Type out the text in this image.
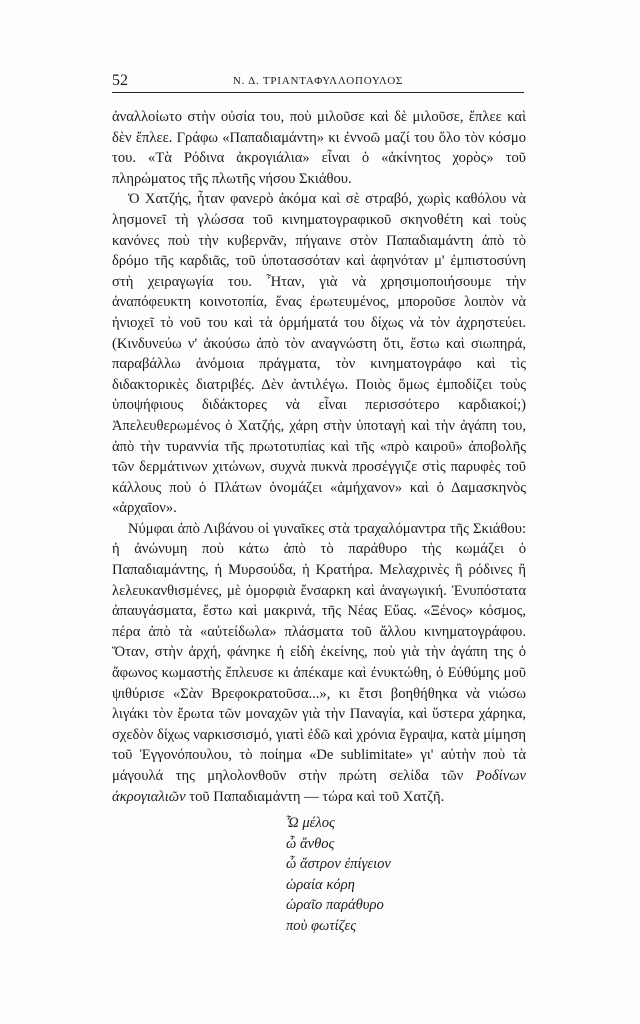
52	Ν. Δ. ΤΡΙΑΝΤΑΦΥΛΛΟΠΟΥΛΟΣ

ἀναλλοίωτο στὴν οὐσία του, ποὺ μιλοῦσε καὶ δὲ μιλοῦσε, ἔπλεε καὶ δὲν ἔπλεε. Γράφω «Παπαδιαμάντη» κι ἐννοῶ μαζί του ὅλο τὸν κόσμο του. «Τὰ Ρόδινα ἀκρογιάλια» εἶναι ὁ «ἀκίνητος χορὸς» τοῦ πληρώματος τῆς πλωτῆς νήσου Σκιάθου.

Ὁ Χατζής, ἦταν φανερὸ ἀκόμα καὶ σὲ στραβό, χωρὶς καθόλου νὰ λησμονεῖ τὴ γλώσσα τοῦ κινηματογραφικοῦ σκηνοθέτη καὶ τοὺς κανόνες ποὺ τὴν κυβερνᾶν, πήγαινε στὸν Παπαδιαμάντη ἀπὸ τὸ δρόμο τῆς καρδιᾶς, τοῦ ὑποτασσόταν καὶ ἀφηνόταν μ' ἐμπιστοσύνη στὴ χειραγωγία του. Ἦταν, γιὰ νὰ χρησιμοποιήσουμε τὴν ἀναπόφευκτη κοινοτοπία, ἕνας ἐρωτευμένος, μποροῦσε λοιπὸν νὰ ἠνιοχεῖ τὸ νοῦ του καὶ τὰ ὁρμήματά του δίχως νὰ τὸν ἀχρηστεύει. (Κινδυνεύω ν' ἀκούσω ἀπὸ τὸν αναγνώστη ὅτι, ἔστω καὶ σιωπηρά, παραβάλλω ἀνόμοια πράγματα, τὸν κινηματογράφο καὶ τὶς διδακτορικὲς διατριβές. Δὲν ἀντιλέγω. Ποιὸς ὅμως ἐμποδίζει τοὺς ὑποψήφιους διδάκτορες νὰ εἶναι περισσότερο καρδιακοί;) Ἀπελευθερωμένος ὁ Χατζής, χάρη στὴν ὑποταγὴ καὶ τὴν ἀγάπη του, ἀπὸ τὴν τυραννία τῆς πρωτοτυπίας καὶ τῆς «πρὸ καιροῦ» ἀποβολῆς τῶν δερμάτινων χιτώνων, συχνὰ πυκνὰ προσέγγιζε στὶς παρυφὲς τοῦ κάλλους ποὺ ὁ Πλάτων ὀνομάζει «ἀμήχανον» καὶ ὁ Δαμασκηνὸς «ἀρχαῖον».

Νύμφαι ἀπὸ Λιβάνου οἱ γυναῖκες στὰ τραχαλόμαντρα τῆς Σκιάθου: ἡ ἀνώνυμη ποὺ κάτω ἀπὸ τὸ παράθυρο τὴς κωμάζει ὁ Παπαδιαμάντης, ἡ Μυρσούδα, ἡ Κρατήρα. Μελαχρινὲς ἢ ρόδινες ἢ λελευκανθισμένες, μὲ ὁμορφιὰ ἔνσαρκη καὶ ἀναγωγική. Ἐνυπόστατα ἀπαυγάσματα, ἔστω καὶ μακρινά, τῆς Νέας Εὔας. «Ξένος» κόσμος, πέρα ἀπὸ τὰ «αὐτείδωλα» πλάσματα τοῦ ἄλλου κινηματογράφου. Ὅταν, στὴν ἀρχή, φάνηκε ἡ εἰδὴ ἐκείνης, ποὺ γιὰ τὴν ἀγάπη της ὁ ἄφωνος κωμαστὴς ἔπλευσε κι ἀπέκαμε καὶ ἐνυκτώθη, ὁ Εὐθύμης μοῦ ψιθύρισε «Σὰν Βρεφοκρατοῦσα...», κι ἔτσι βοηθήθηκα νὰ νιώσω λιγάκι τὸν ἔρωτα τῶν μοναχῶν γιὰ τὴν Παναγία, καὶ ὕστερα χάρηκα, σχεδὸν δίχως ναρκισσισμό, γιατὶ ἐδῶ καὶ χρόνια ἔγραψα, κατὰ μίμηση τοῦ Ἐγγονόπουλου, τὸ ποίημα «De sublimitate» γι' αὐτὴν ποὺ τὰ μάγουλά της μηλολονθοῦν στὴν πρώτη σελίδα τῶν Ροδίνων ἀκρογιαλιῶν τοῦ Παπαδιαμάντη — τώρα καὶ τοῦ Χατζῆ.

Ὦ μέλος
ὦ ἄνθος
ὦ ἄστρον ἐπίγειον
ὡραία κόρη
ὡραῖο παράθυρο
ποὺ φωτίζες
